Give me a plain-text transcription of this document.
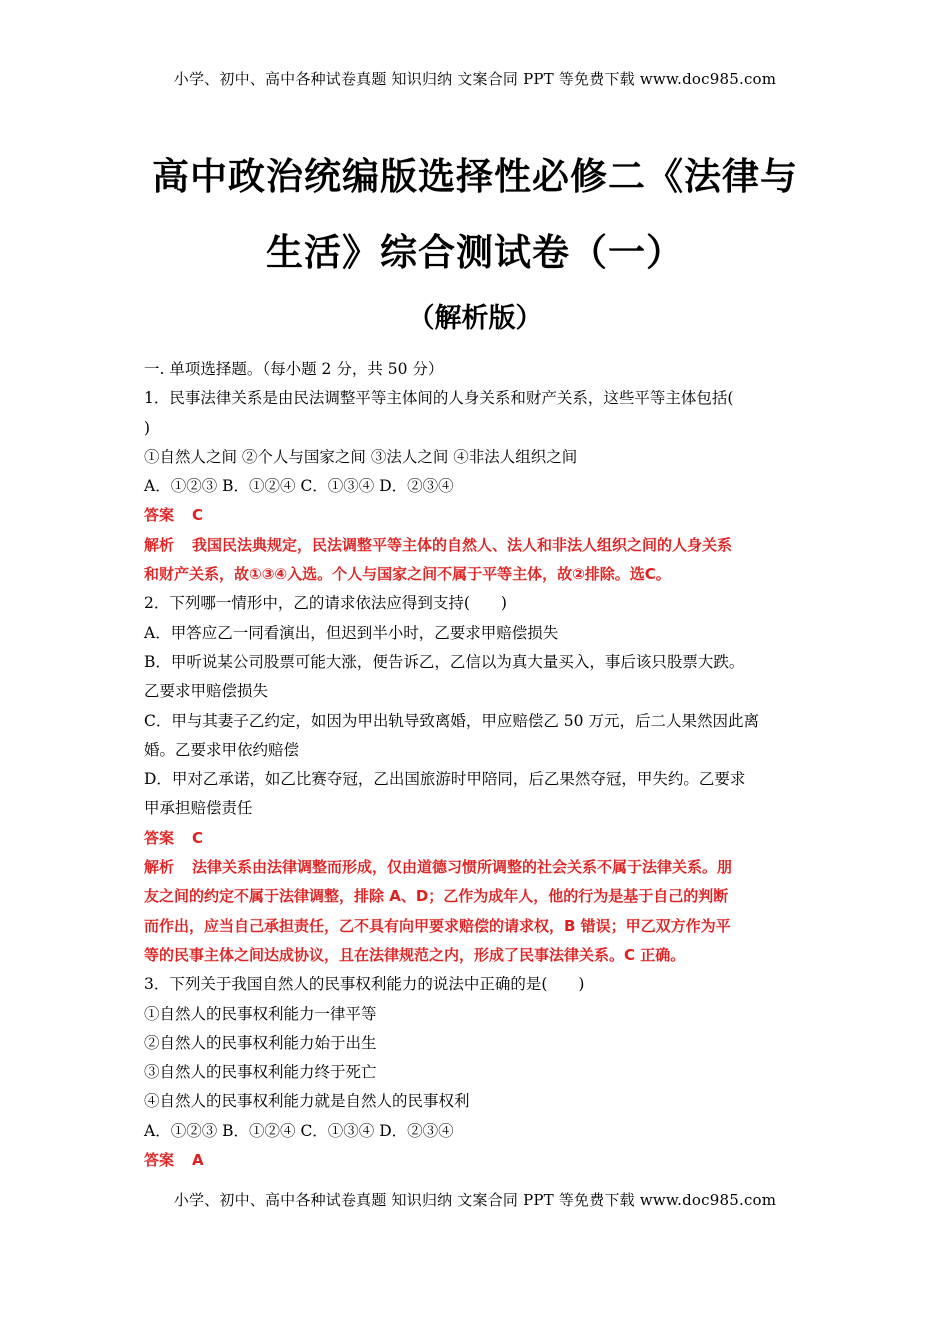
小学、初中、高中各种试卷真题 知识归纳 文案合同 PPT 等免费下载 www.doc985.com
高中政治统编版选择性必修二《法律与
生活》综合测试卷（一）
（解析版）

一. 单项选择题。（每小题 2 分，共 50 分）

1．民事法律关系是由民法调整平等主体间的人身关系和财产关系，这些平等主体包括(

)

①自然人之间 ②个人与国家之间 ③法人之间 ④非法人组织之间

A．①②③ B．①②④ C．①③④ D．②③④

答案 C

解析 我国民法典规定，民法调整平等主体的自然人、法人和非法人组织之间的人身关系

和财产关系，故①③④入选。个人与国家之间不属于平等主体，故②排除。选C。

2．下列哪一情形中，乙的请求依法应得到支持(　　)

A．甲答应乙一同看演出，但迟到半小时，乙要求甲赔偿损失

B．甲听说某公司股票可能大涨，便告诉乙，乙信以为真大量买入，事后该只股票大跌。

乙要求甲赔偿损失

C．甲与其妻子乙约定，如因为甲出轨导致离婚，甲应赔偿乙 50 万元，后二人果然因此离

婚。乙要求甲依约赔偿

D．甲对乙承诺，如乙比赛夺冠，乙出国旅游时甲陪同，后乙果然夺冠，甲失约。乙要求

甲承担赔偿责任

答案 C

解析 法律关系由法律调整而形成，仅由道德习惯所调整的社会关系不属于法律关系。朋

友之间的约定不属于法律调整，排除 A、D；乙作为成年人，他的行为是基于自己的判断

而作出，应当自己承担责任，乙不具有向甲要求赔偿的请求权，B 错误；甲乙双方作为平

等的民事主体之间达成协议，且在法律规范之内，形成了民事法律关系。C 正确。

3．下列关于我国自然人的民事权利能力的说法中正确的是(　　)

①自然人的民事权利能力一律平等

②自然人的民事权利能力始于出生

③自然人的民事权利能力终于死亡

④自然人的民事权利能力就是自然人的民事权利

A．①②③ B．①②④ C．①③④ D．②③④

答案 A

小学、初中、高中各种试卷真题 知识归纳 文案合同 PPT 等免费下载 www.doc985.com
